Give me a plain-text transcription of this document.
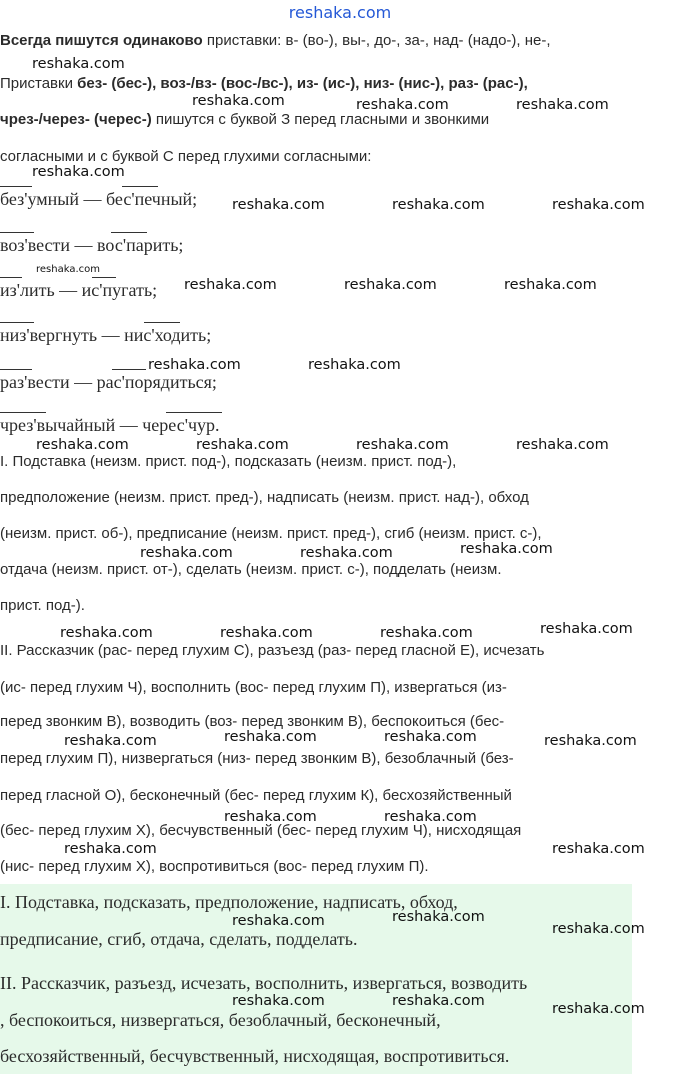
reshaka.com
Всегда пишутся одинаково приставки: в- (во-), вы-, до-, за-, над- (надо-), не-,
Приставки без- (бес-), воз-/вз- (вос-/вс-), из- (ис-), низ- (нис-), раз- (рас-),
чрез-/через- (черес-) пишутся с буквой З перед гласными и звонкими
согласными и с буквой С перед глухими согласными:
без'умный — бес'печный;
воз'вести — вос'парить;
из'лить — ис'пугать;
низ'вергнуть — нис'ходить;
раз'вести — рас'порядиться;
чрез'вычайный — черес'чур.
I. Подставка (неизм. прист. под-), подсказать (неизм. прист. под-),
предположение (неизм. прист. пред-), надписать (неизм. прист. над-), обход
(неизм. прист. об-), предписание (неизм. прист. пред-), сгиб (неизм. прист. с-),
отдача (неизм. прист. от-), сделать (неизм. прист. с-), подделать (неизм.
прист. под-).
II. Рассказчик (рас- перед глухим С), разъезд (раз- перед гласной Е), исчезать
(ис- перед глухим Ч), восполнить (вос- перед глухим П), извергаться (из-
перед звонким В), возводить (воз- перед звонким В), беспокоиться (бес-
перед глухим П), низвергаться (низ- перед звонким В), безоблачный (без-
перед гласной О), бесконечный (бес- перед глухим К), бесхозяйственный
(бес- перед глухим Х), бесчувственный (бес- перед глухим Ч), нисходящая
(нис- перед глухим Х), воспротивиться (вос- перед глухим П).
I. Подставка, подсказать, предположение, надписать, обход,
предписание, сгиб, отдача, сделать, подделать.
II. Рассказчик, разъезд, исчезать, восполнить, извергаться, возводить
, беспокоиться, низвергаться, безоблачный, бесконечный,
бесхозяйственный, бесчувственный, нисходящая, воспротивиться.
reshaka.com
reshaka.com	reshaka.com	reshaka.com
reshaka.com
reshaka.com	reshaka.com	reshaka.com
reshaka.com
reshaka.com	reshaka.com	reshaka.com
reshaka.com	reshaka.com
reshaka.com	reshaka.com	reshaka.com	reshaka.com
reshaka.com	reshaka.com	reshaka.com
reshaka.com	reshaka.com	reshaka.com	reshaka.com
reshaka.com	reshaka.com	reshaka.com	reshaka.com
reshaka.com	reshaka.com
reshaka.com	reshaka.com
reshaka.com	reshaka.com
reshaka.com
reshaka.com	reshaka.com	reshaka.com
